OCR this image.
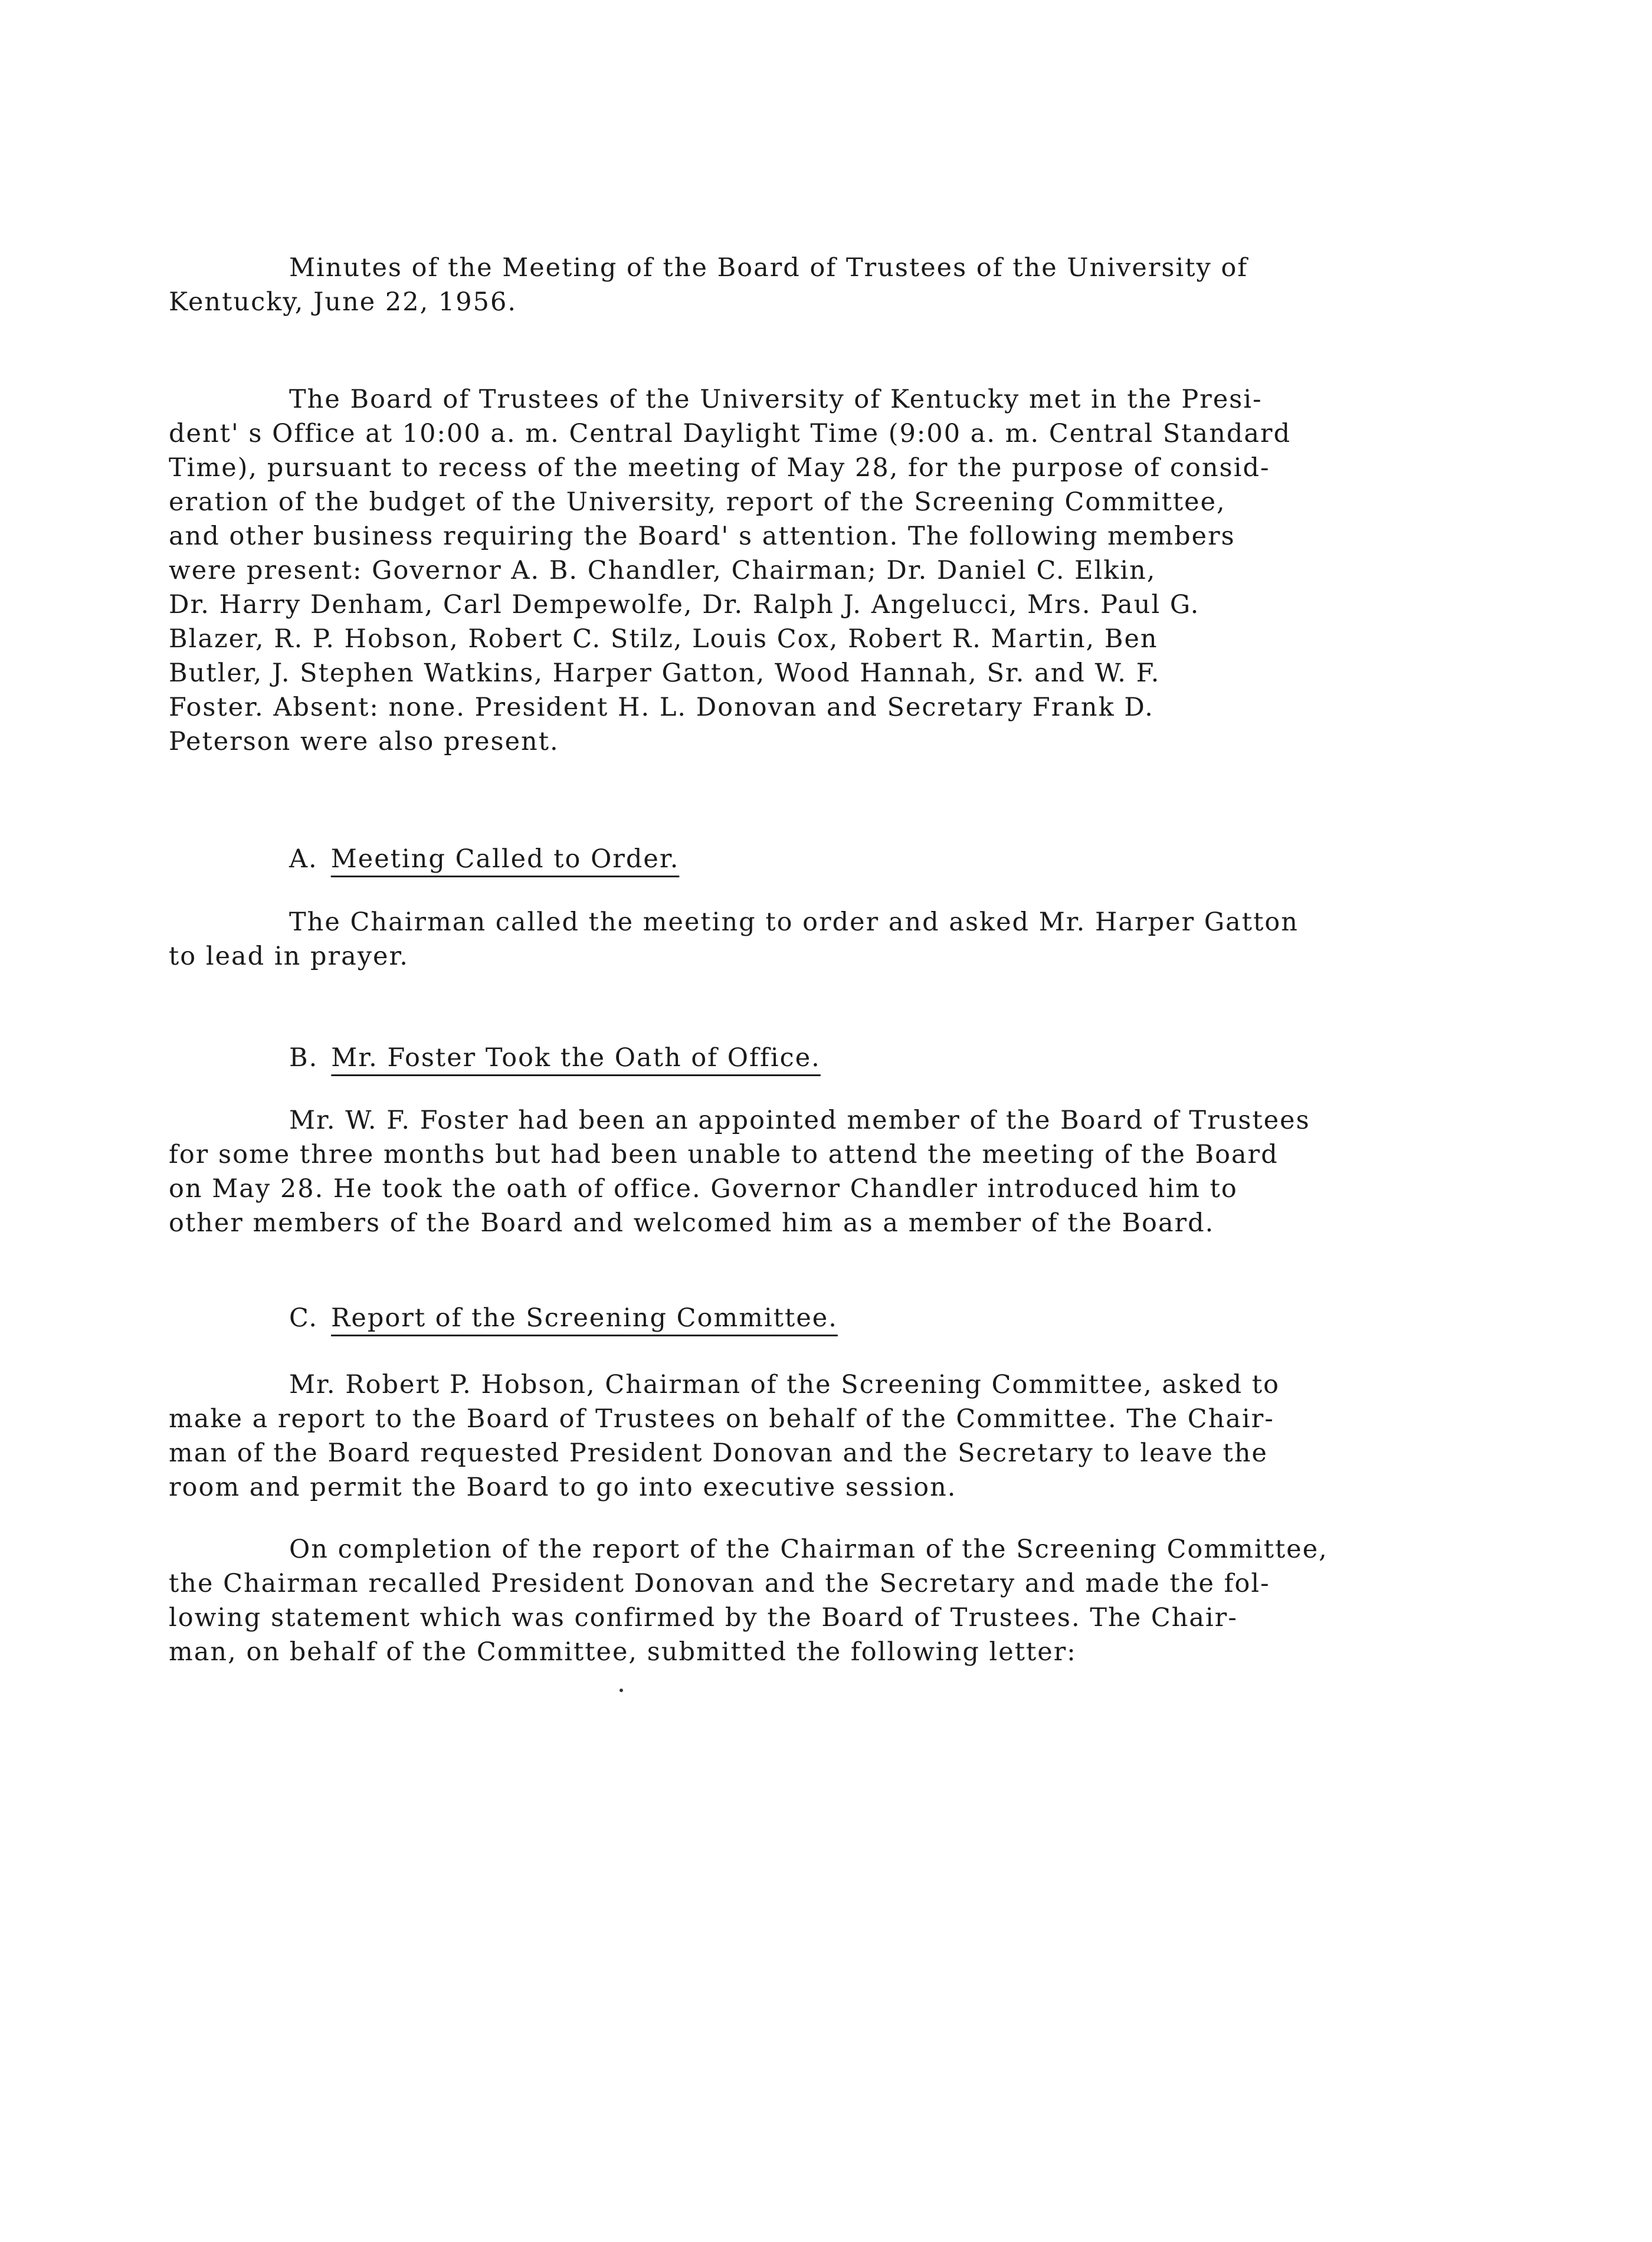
Minutes of the Meeting of the Board of Trustees of the University of
Kentucky, June 22, 1956.
The Board of Trustees of the University of Kentucky met in the Presi-
dent' s Office at 10:00 a. m. Central Daylight Time (9:00 a. m. Central Standard
Time), pursuant to recess of the meeting of May 28, for the purpose of consid-
eration of the budget of the University, report of the Screening Committee,
and other business requiring the Board' s attention. The following members
were present: Governor A. B. Chandler, Chairman; Dr. Daniel C. Elkin,
Dr. Harry Denham, Carl Dempewolfe, Dr. Ralph J. Angelucci, Mrs. Paul G.
Blazer, R. P. Hobson, Robert C. Stilz, Louis Cox, Robert R. Martin, Ben
Butler, J. Stephen Watkins, Harper Gatton, Wood Hannah, Sr. and W. F.
Foster. Absent: none. President H. L. Donovan and Secretary Frank D.
Peterson were also present.
A. Meeting Called to Order.
The Chairman called the meeting to order and asked Mr. Harper Gatton
to lead in prayer.
B. Mr. Foster Took the Oath of Office.
Mr. W. F. Foster had been an appointed member of the Board of Trustees
for some three months but had been unable to attend the meeting of the Board
on May 28. He took the oath of office. Governor Chandler introduced him to
other members of the Board and welcomed him as a member of the Board.
C. Report of the Screening Committee.
Mr. Robert P. Hobson, Chairman of the Screening Committee, asked to
make a report to the Board of Trustees on behalf of the Committee. The Chair-
man of the Board requested President Donovan and the Secretary to leave the
room and permit the Board to go into executive session.
On completion of the report of the Chairman of the Screening Committee,
the Chairman recalled President Donovan and the Secretary and made the fol-
lowing statement which was confirmed by the Board of Trustees. The Chair-
man, on behalf of the Committee, submitted the following letter:
